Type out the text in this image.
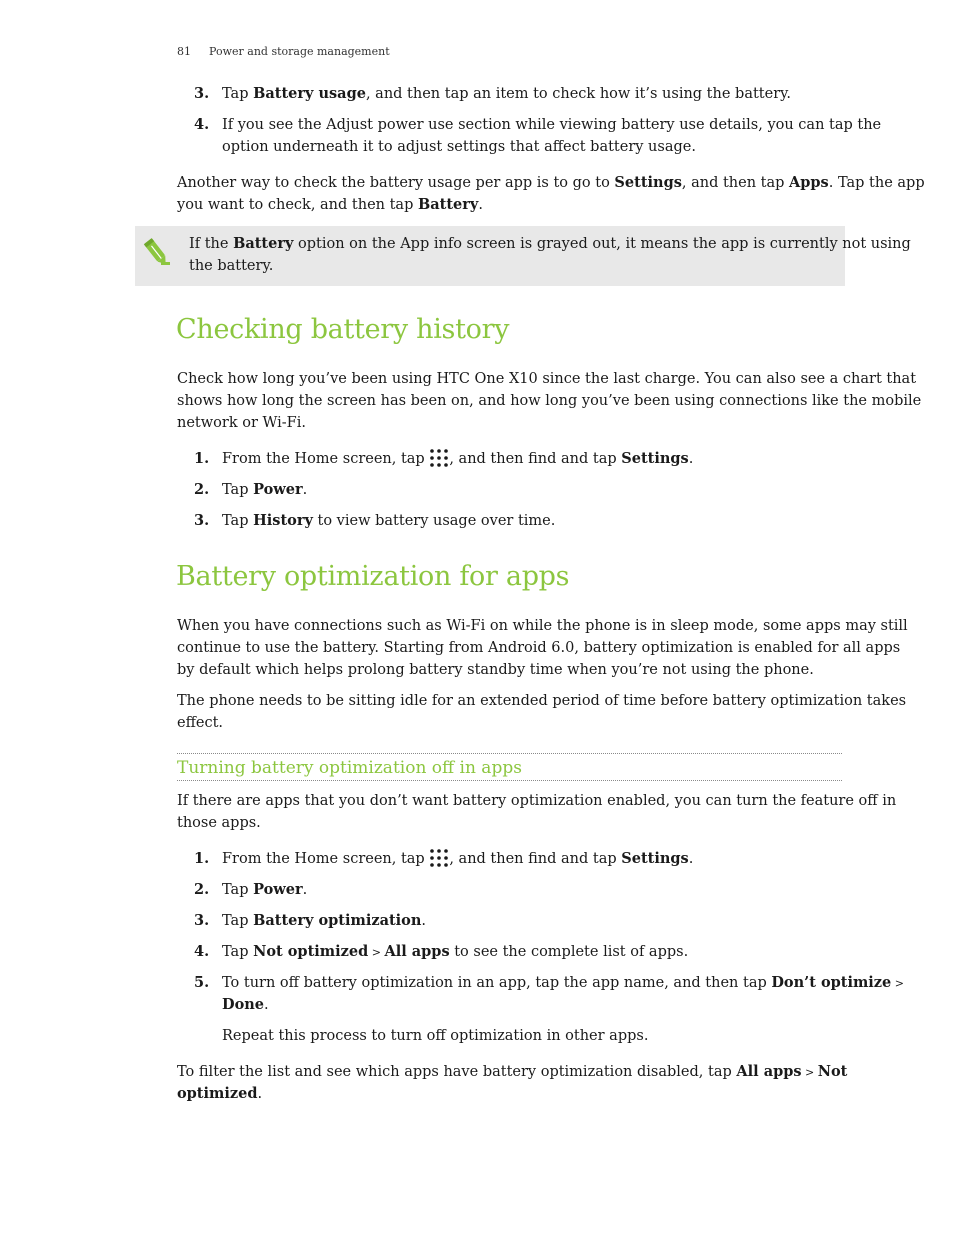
81 Power and storage management
3. Tap Battery usage, and then tap an item to check how it’s using the battery.
4. If you see the Adjust power use section while viewing battery use details, you can tap the
option underneath it to adjust settings that affect battery usage.
Another way to check the battery usage per app is to go to Settings, and then tap Apps. Tap the app
you want to check, and then tap Battery.
If the Battery option on the App info screen is grayed out, it means the app is currently not using
the battery.
Checking battery history
Check how long you’ve been using HTC One X10 since the last charge. You can also see a chart that
shows how long the screen has been on, and how long you’ve been using connections like the mobile
network or Wi-Fi.
1. From the Home screen, tap , and then find and tap Settings.
2. Tap Power.
3. Tap History to view battery usage over time.
Battery optimization for apps
When you have connections such as Wi-Fi on while the phone is in sleep mode, some apps may still
continue to use the battery. Starting from Android 6.0, battery optimization is enabled for all apps
by default which helps prolong battery standby time when you’re not using the phone.
The phone needs to be sitting idle for an extended period of time before battery optimization takes
effect.
Turning battery optimization off in apps
If there are apps that you don’t want battery optimization enabled, you can turn the feature off in
those apps.
1. From the Home screen, tap , and then find and tap Settings.
2. Tap Power.
3. Tap Battery optimization.
4. Tap Not optimized > All apps to see the complete list of apps.
5. To turn off battery optimization in an app, tap the app name, and then tap Don’t optimize >
Done.
Repeat this process to turn off optimization in other apps.
To filter the list and see which apps have battery optimization disabled, tap All apps > Not
optimized.
